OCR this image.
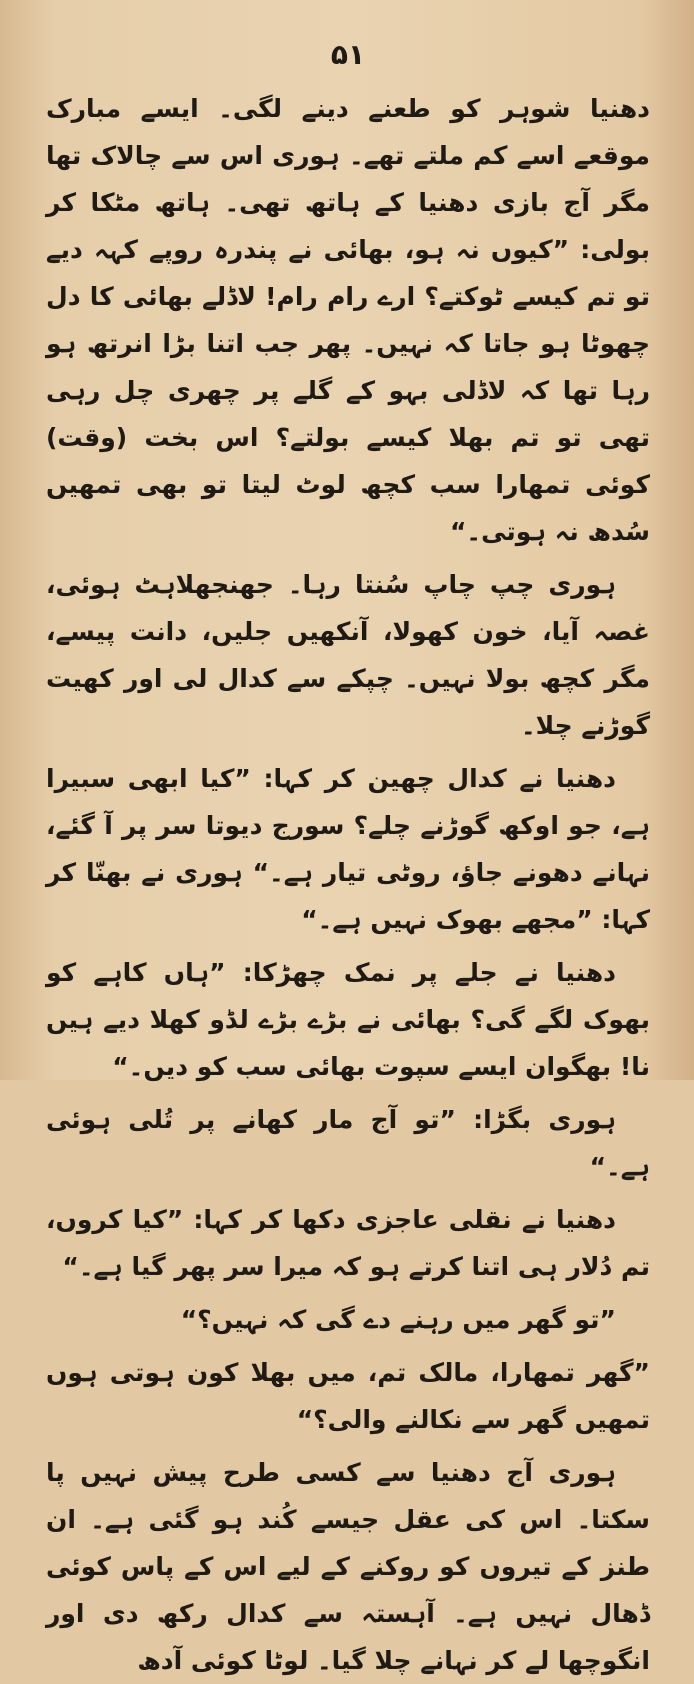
۵۱

دھنیا شوہر کو طعنے دینے لگی۔ ایسے مبارک موقعے اسے کم ملتے تھے۔ ہوری اس سے چالاک تھا مگر آج بازی دھنیا کے ہاتھ تھی۔ ہاتھ مٹکا کر بولی: ”کیوں نہ ہو، بھائی نے پندرہ روپے کہہ دیے تو تم کیسے ٹوکتے؟ ارے رام رام! لاڈلے بھائی کا دل چھوٹا ہو جاتا کہ نہیں۔ پھر جب اتنا بڑا انرتھ ہو رہا تھا کہ لاڈلی بہو کے گلے پر چھری چل رہی تھی تو تم بھلا کیسے بولتے؟ اس بخت (وقت) کوئی تمھارا سب کچھ لوٹ لیتا تو بھی تمھیں سُدھ نہ ہوتی۔“

ہوری چپ چاپ سُنتا رہا۔ جھنجھلاہٹ ہوئی، غصہ آیا، خون کھولا، آنکھیں جلیں، دانت پیسے، مگر کچھ بولا نہیں۔ چپکے سے کدال لی اور کھیت گوڑنے چلا۔

دھنیا نے کدال چھین کر کہا: ”کیا ابھی سبیرا ہے، جو اوکھ گوڑنے چلے؟ سورج دیوتا سر پر آ گئے، نہانے دھونے جاؤ، روٹی تیار ہے۔“ ہوری نے بھنّا کر کہا: ”مجھے بھوک نہیں ہے۔“

دھنیا نے جلے پر نمک چھڑکا: ”ہاں کاہے کو بھوک لگے گی؟ بھائی نے بڑے بڑے لڈو کھلا دیے ہیں نا! بھگوان ایسے سپوت بھائی سب کو دیں۔“

ہوری بگڑا: ”تو آج مار کھانے پر تُلی ہوئی ہے۔“

دھنیا نے نقلی عاجزی دکھا کر کہا: ”کیا کروں، تم دُلار ہی اتنا کرتے ہو کہ میرا سر پھر گیا ہے۔“

”تو گھر میں رہنے دے گی کہ نہیں؟“

”گھر تمھارا، مالک تم، میں بھلا کون ہوتی ہوں تمھیں گھر سے نکالنے والی؟“

ہوری آج دھنیا سے کسی طرح پیش نہیں پا سکتا۔ اس کی عقل جیسے کُند ہو گئی ہے۔ ان طنز کے تیروں کو روکنے کے لیے اس کے پاس کوئی ڈھال نہیں ہے۔ آہستہ سے کدال رکھ دی اور انگوچھا لے کر نہانے چلا گیا۔ لوٹا کوئی آدھ
